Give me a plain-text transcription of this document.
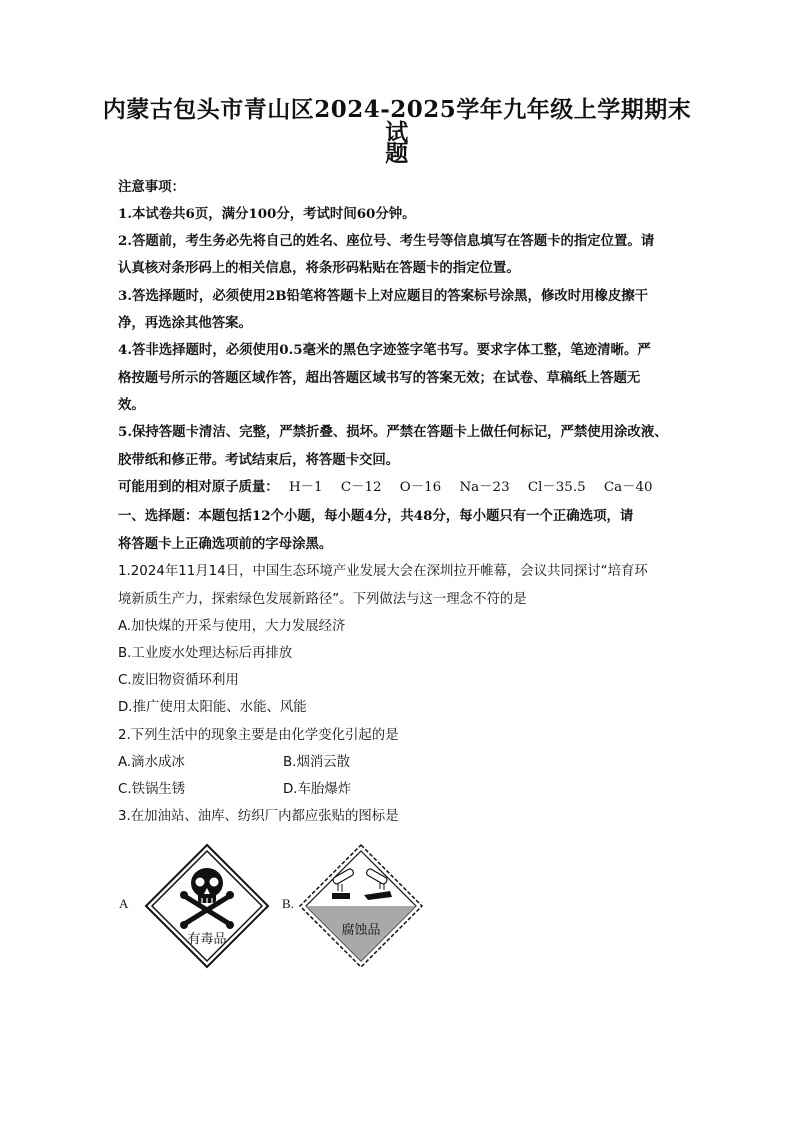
内蒙古包头市青山区2024-2025学年九年级上学期期末试
题
注意事项：
1.本试卷共6页，满分100分，考试时间60分钟。
2.答题前，考生务必先将自己的姓名、座位号、考生号等信息填写在答题卡的指定位置。请
认真核对条形码上的相关信息，将条形码粘贴在答题卡的指定位置。
3.答选择题时，必须使用2B铅笔将答题卡上对应题目的答案标号涂黑，修改时用橡皮擦干
净，再选涂其他答案。
4.答非选择题时，必须使用0.5毫米的黑色字迹签字笔书写。要求字体工整，笔迹清晰。严
格按题号所示的答题区域作答，超出答题区域书写的答案无效；在试卷、草稿纸上答题无
效。
5.保持答题卡清洁、完整，严禁折叠、损坏。严禁在答题卡上做任何标记，严禁使用涂改液、
胶带纸和修正带。考试结束后，将答题卡交回。
可能用到的相对原子质量： H－1 C－12 O－16 Na－23 Cl－35.5 Ca－40
一、选择题：本题包括12个小题，每小题4分，共48分，每小题只有一个正确选项，请
将答题卡上正确选项前的字母涂黑。
1.2024年11月14日，中国生态环境产业发展大会在深圳拉开帷幕，会议共同探讨“培育环
境新质生产力，探索绿色发展新路径”。下列做法与这一理念不符的是
A.加快煤的开采与使用，大力发展经济
B.工业废水处理达标后再排放
C.废旧物资循环利用
D.推广使用太阳能、水能、风能
2.下列生活中的现象主要是由化学变化引起的是
A.滴水成冰	B.烟消云散
C.铁锅生锈	D.车胎爆炸
3.在加油站、油库、纺织厂内都应张贴的图标是
A	B.
有毒品
腐蚀品
